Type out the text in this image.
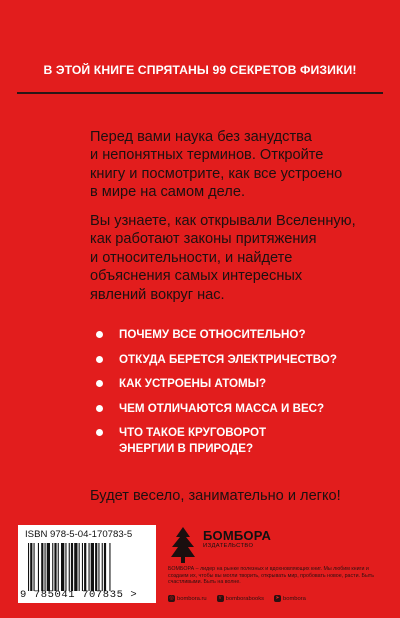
В ЭТОЙ КНИГЕ СПРЯТАНЫ 99 СЕКРЕТОВ ФИЗИКИ!
Перед вами наука без занудства
и непонятных терминов. Откройте
книгу и посмотрите, как все устроено
в мире на самом деле.
Вы узнаете, как открывали Вселенную,
как работают законы притяжения
и относительности, и найдете
объяснения самых интересных
явлений вокруг нас.
ПОЧЕМУ ВСЕ ОТНОСИТЕЛЬНО?
ОТКУДА БЕРЕТСЯ ЭЛЕКТРИЧЕСТВО?
КАК УСТРОЕНЫ АТОМЫ?
ЧЕМ ОТЛИЧАЮТСЯ МАССА И ВЕС?
ЧТО ТАКОЕ КРУГОВОРОТ ЭНЕРГИИ В ПРИРОДЕ?
Будет весело, занимательно и легко!
ISBN 978-5-04-170783-5
9 785041 707835 >
БОМБОРА
ИЗДАТЕЛЬСТВО
БОМБОРА – лидер на рынке полезных и вдохновляющих книг. Мы любим книги и создаем их, чтобы вы могли творить, открывать мир, пробовать новое, расти. Быть счастливыми. Быть на волне.
◎ bombora.ru	v bomborabooks ➤ bombora
